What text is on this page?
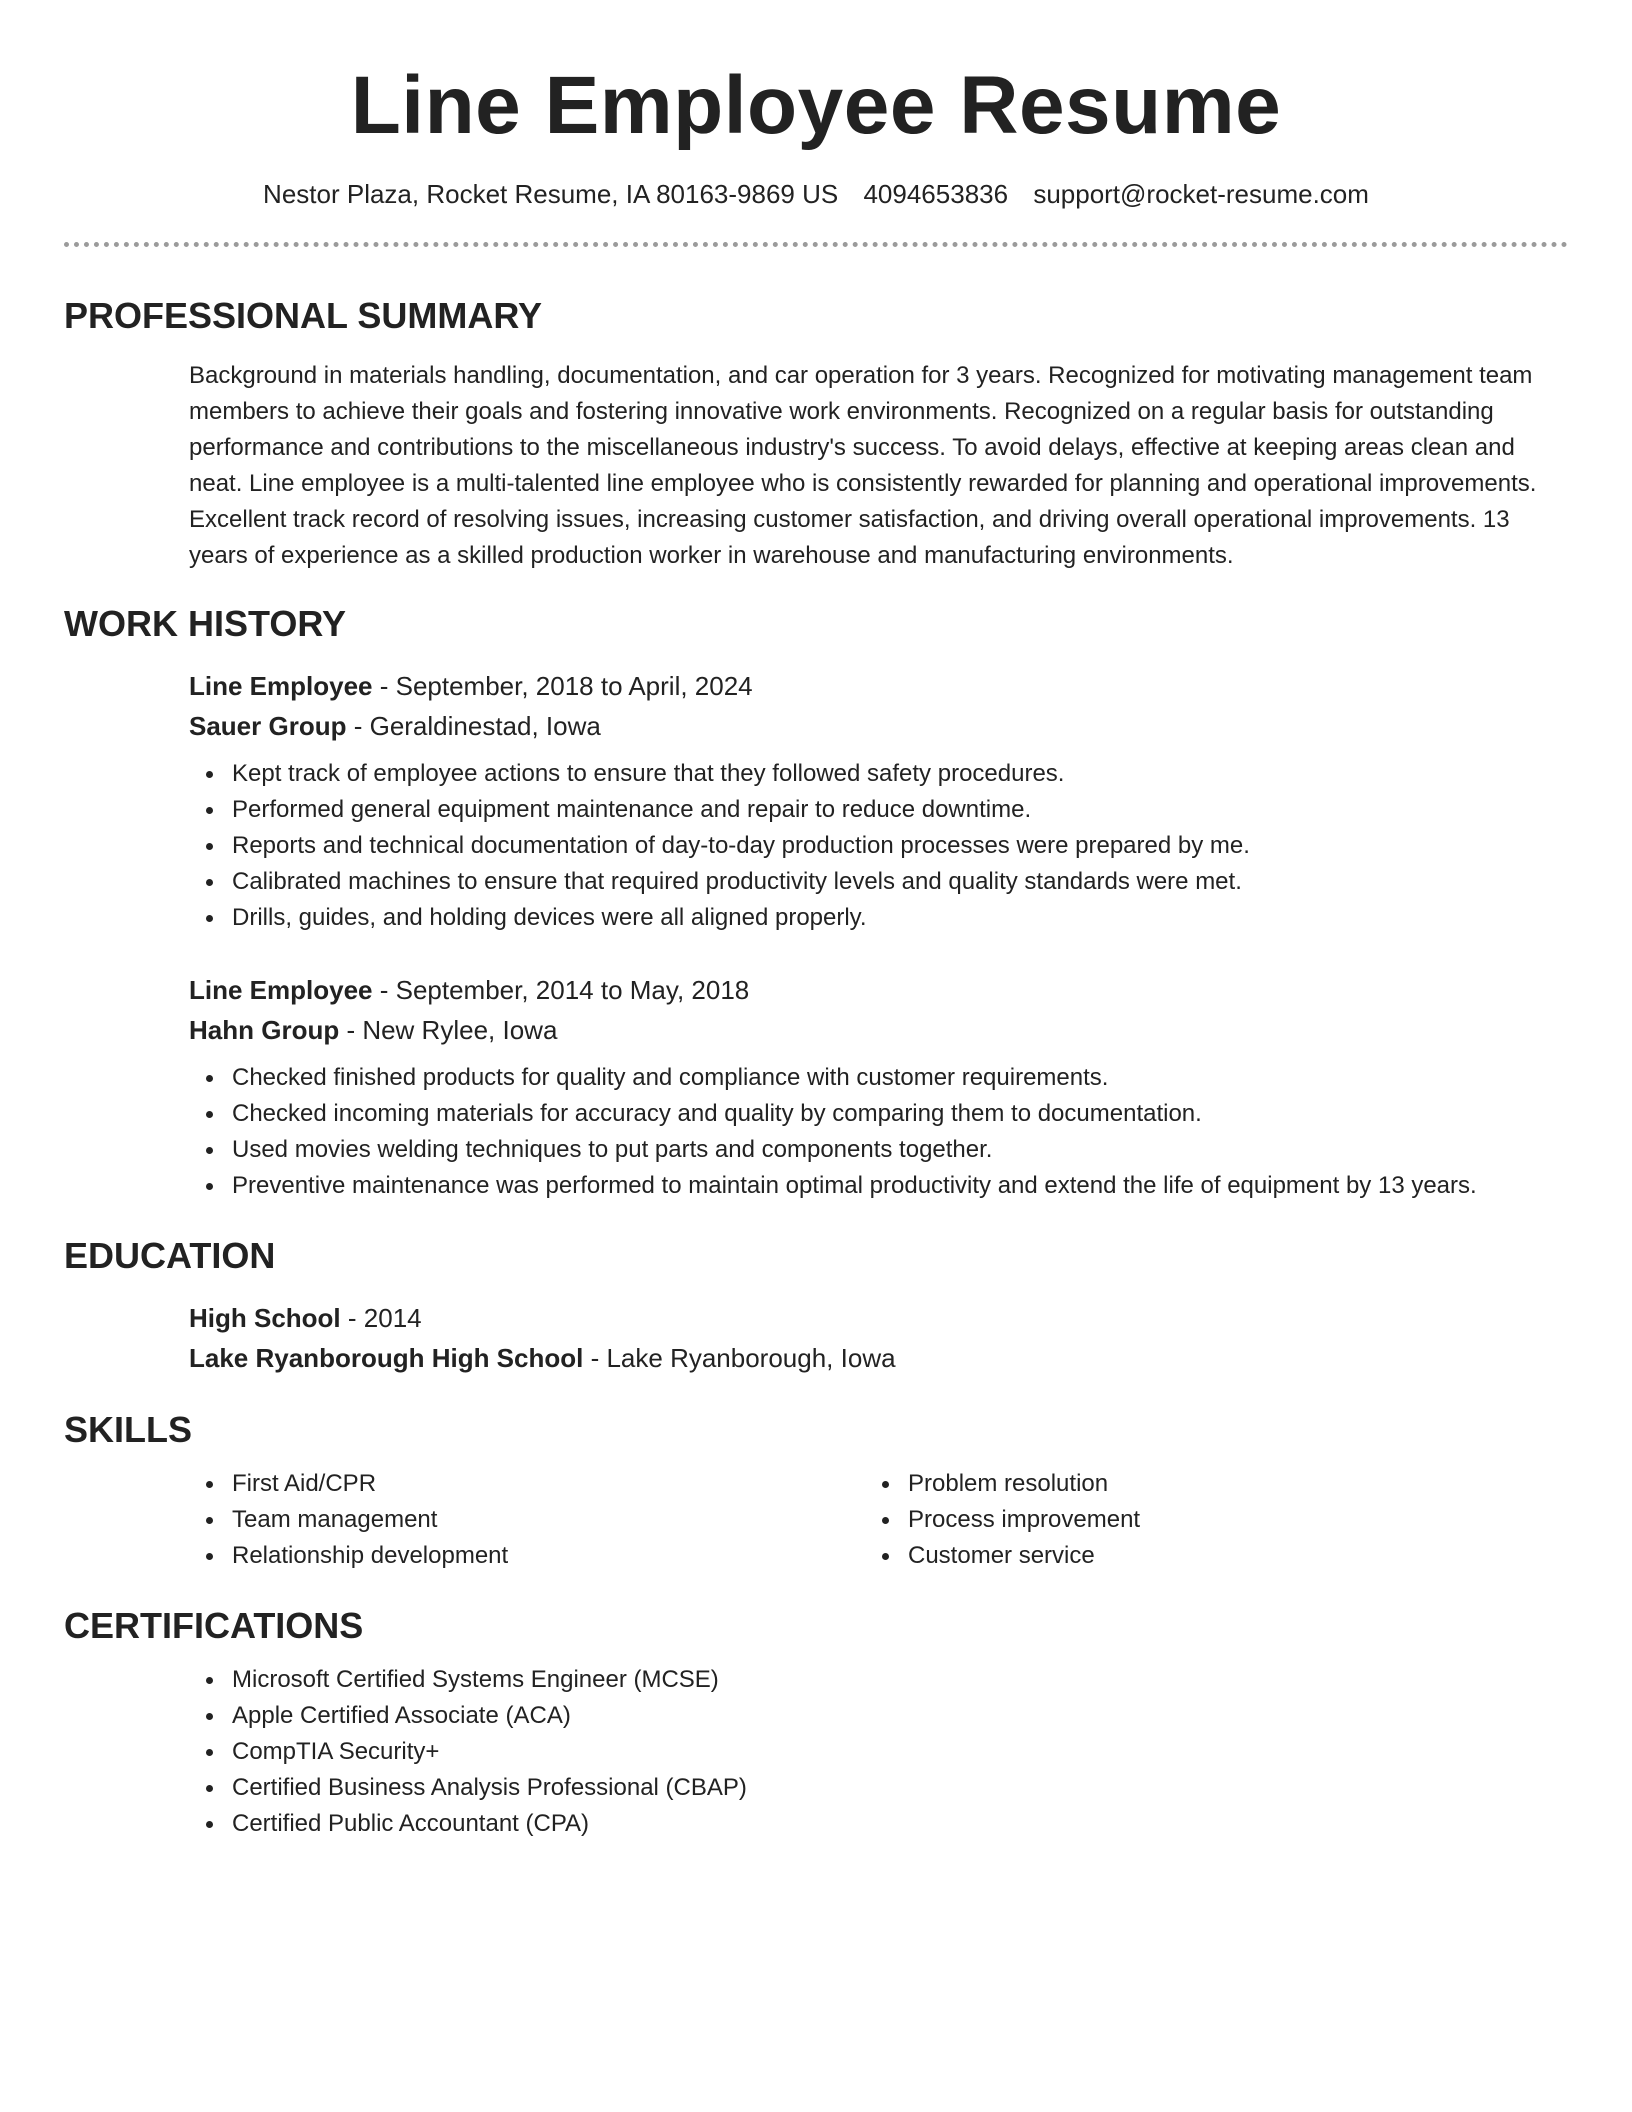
Line Employee Resume
Nestor Plaza, Rocket Resume, IA 80163-9869 US 4094653836 support@rocket-resume.com
PROFESSIONAL SUMMARY
Background in materials handling, documentation, and car operation for 3 years. Recognized for motivating management team members to achieve their goals and fostering innovative work environments. Recognized on a regular basis for outstanding performance and contributions to the miscellaneous industry's success. To avoid delays, effective at keeping areas clean and neat. Line employee is a multi-talented line employee who is consistently rewarded for planning and operational improvements. Excellent track record of resolving issues, increasing customer satisfaction, and driving overall operational improvements. 13 years of experience as a skilled production worker in warehouse and manufacturing environments.
WORK HISTORY
Line Employee - September, 2018 to April, 2024
Sauer Group - Geraldinestad, Iowa
Kept track of employee actions to ensure that they followed safety procedures.
Performed general equipment maintenance and repair to reduce downtime.
Reports and technical documentation of day-to-day production processes were prepared by me.
Calibrated machines to ensure that required productivity levels and quality standards were met.
Drills, guides, and holding devices were all aligned properly.
Line Employee - September, 2014 to May, 2018
Hahn Group - New Rylee, Iowa
Checked finished products for quality and compliance with customer requirements.
Checked incoming materials for accuracy and quality by comparing them to documentation.
Used movies welding techniques to put parts and components together.
Preventive maintenance was performed to maintain optimal productivity and extend the life of equipment by 13 years.
EDUCATION
High School - 2014
Lake Ryanborough High School - Lake Ryanborough, Iowa
SKILLS
First Aid/CPR
Team management
Relationship development
Problem resolution
Process improvement
Customer service
CERTIFICATIONS
Microsoft Certified Systems Engineer (MCSE)
Apple Certified Associate (ACA)
CompTIA Security+
Certified Business Analysis Professional (CBAP)
Certified Public Accountant (CPA)
